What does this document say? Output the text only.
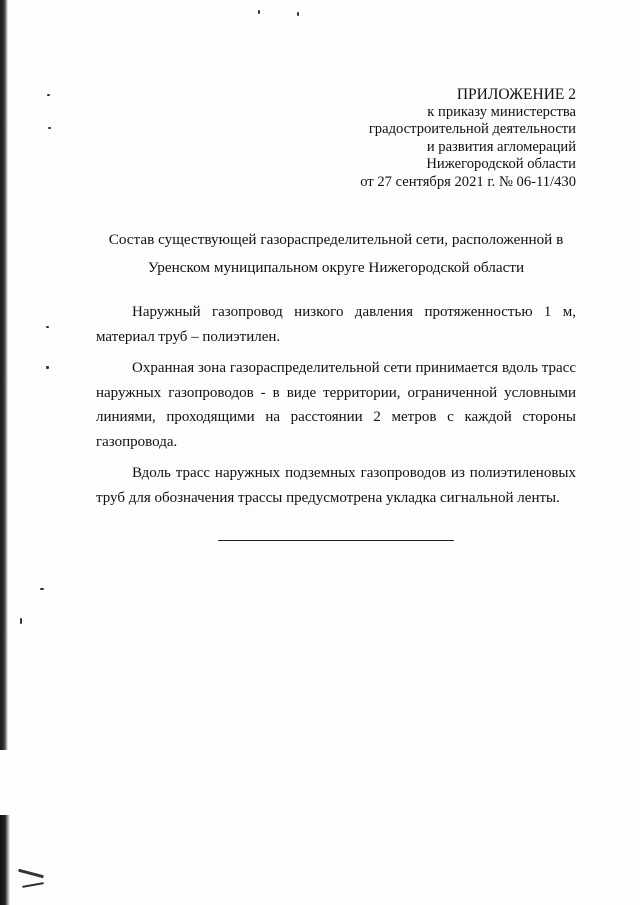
ПРИЛОЖЕНИЕ 2
к приказу министерства
градостроительной деятельности
и развития агломераций
Нижегородской области
от 27 сентября 2021 г. № 06-11/430
Состав существующей газораспределительной сети, расположенной в
Уренском муниципальном округе Нижегородской области

Наружный газопровод низкого давления протяженностью 1 м, материал труб – полиэтилен.

Охранная зона газораспределительной сети принимается вдоль трасс наружных газопроводов - в виде территории, ограниченной условными линиями, проходящими на расстоянии 2 метров с каждой стороны газопровода.

Вдоль трасс наружных подземных газопроводов из полиэтиленовых труб для обозначения трассы предусмотрена укладка сигнальной ленты.
